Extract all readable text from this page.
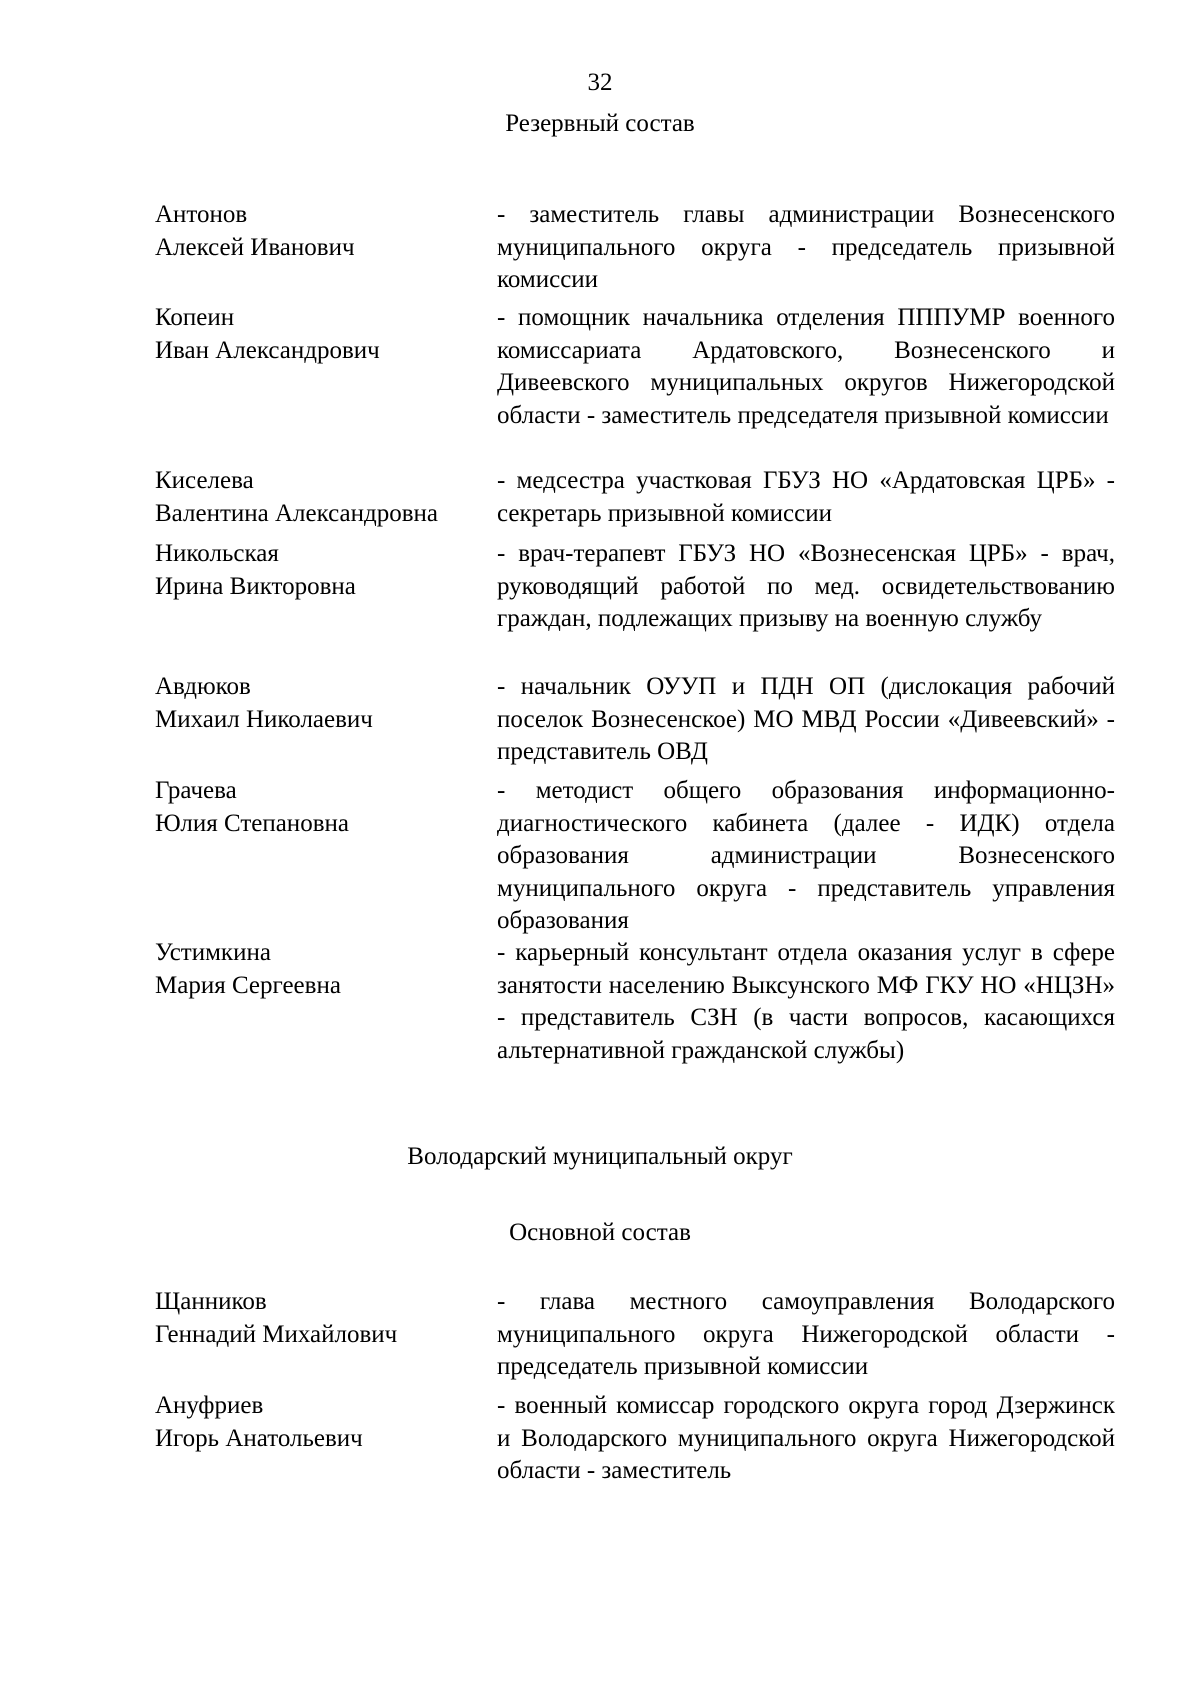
32
Резервный состав
Антонов
Алексей Иванович
- заместитель главы администрации Вознесенского муниципального округа - председатель призывной комиссии
Копеин
Иван Александрович
- помощник начальника отделения ПППУМР военного комиссариата Ардатовского, Вознесенского и Дивеевского муниципальных округов Нижегородской области - заместитель председателя призывной комиссии
Киселева
Валентина Александровна
- медсестра участковая ГБУЗ НО «Ардатовская ЦРБ» - секретарь призывной комиссии
Никольская
Ирина Викторовна
- врач-терапевт ГБУЗ НО «Вознесенская ЦРБ» - врач, руководящий работой по мед. освидетельствованию граждан, подлежащих призыву на военную службу
Авдюков
Михаил Николаевич
- начальник ОУУП и ПДН ОП (дислокация рабочий поселок Вознесенское) МО МВД России «Дивеевский» - представитель ОВД
Грачева
Юлия Степановна
- методист общего образования информационно-диагностического кабинета (далее - ИДК) отдела образования администрации Вознесенского муниципального округа - представитель управления образования
Устимкина
Мария Сергеевна
- карьерный консультант отдела оказания услуг в сфере занятости населению Выксунского МФ ГКУ НО «НЦЗН» - представитель СЗН (в части вопросов, касающихся альтернативной гражданской службы)
Володарский муниципальный округ
Основной состав
Щанников
Геннадий Михайлович
- глава местного самоуправления Володарского муниципального округа Нижегородской области - председатель призывной комиссии
Ануфриев
Игорь Анатольевич
- военный комиссар городского округа город Дзержинск и Володарского муниципального округа Нижегородской области - заместитель
